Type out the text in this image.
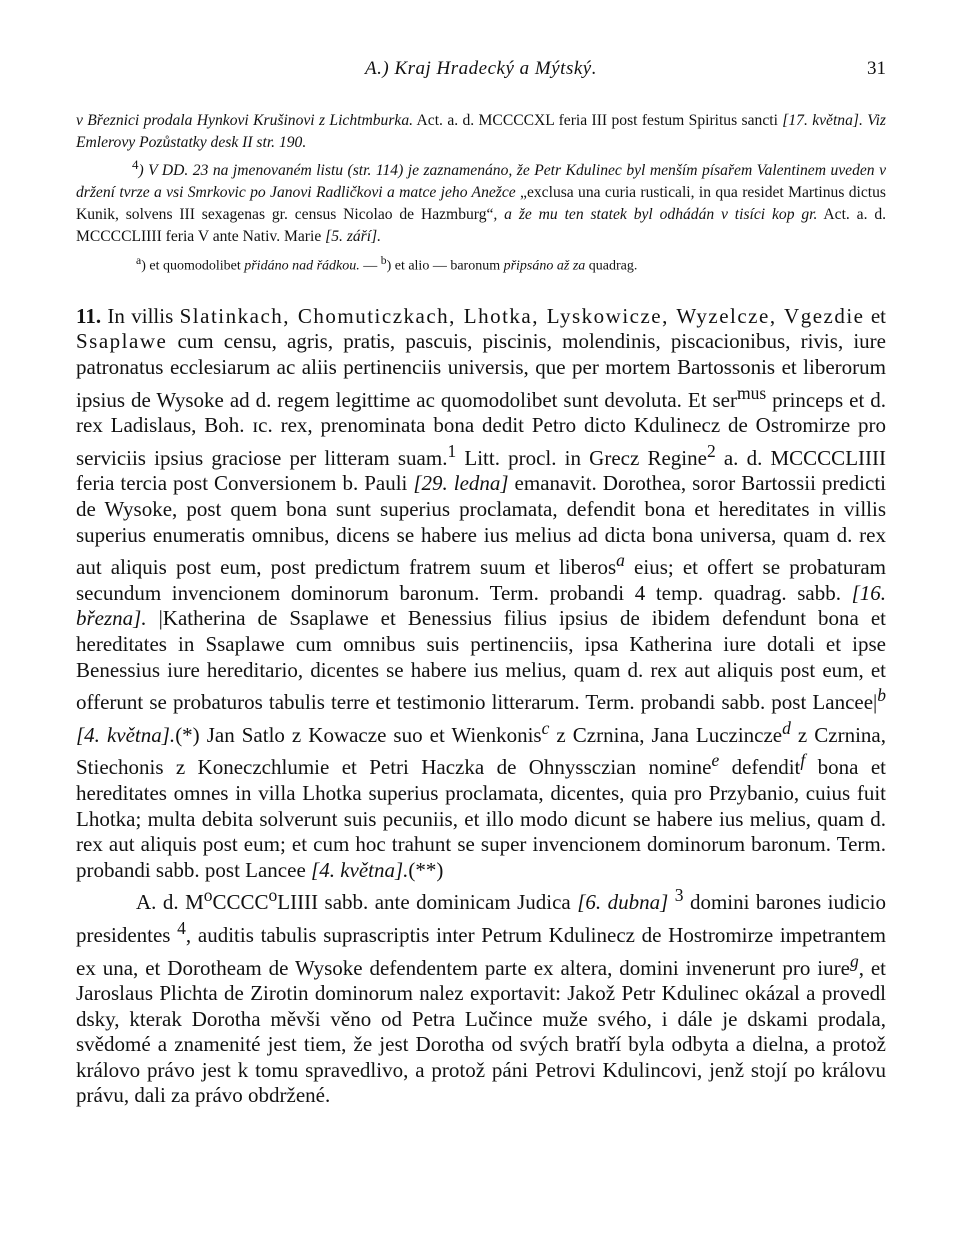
A.) Kraj Hradecký a Mýtský.	31

v Březnici prodala Hynkovi Krušinovi z Lichtmburka. Act. a. d. MCCCCXL feria III post festum Spiritus sancti [17. května]. Viz Emlerovy Pozůstatky desk II str. 190.

$^4$) V DD. 23 na jmenovaném listu (str. 114) je zaznamenáno, že Petr Kdulinec byl menším písařem Valentinem uveden v držení tvrze a vsi Smrkovic po Janovi Radličkovi a matce jeho Anežce „exclusa una curia rusticali, in qua residet Martinus dictus Kunik, solvens III sexagenas gr. census Nicolao de Hazmburg“, a že mu ten statek byl odhádán v tisíci kop gr. Act. a. d. MCCCCLIIII feria V ante Nativ. Marie [5. září].

$^a$) et quomodolibet přidáno nad řádkou. — $^b$) et alio — baronum připsáno až za quadrag.

11. In villis Slatinkach, Chomuticzkach, Lhotka, Lyskowicze, Wyzelcze, Vgezdie et Ssaplawe cum censu, agris, pratis, pascuis, piscinis, molendinis, piscacionibus, rivis, iure patronatus ecclesiarum ac aliis pertinenciis universis, que per mortem Bartossonis et liberorum ipsius de Wysoke ad d. regem legittime ac quomodolibet sunt devoluta. Et ser$^{mus}$ princeps et d. rex Ladislaus, Boh. ɪc. rex, prenominata bona dedit Petro dicto Kdulinecz de Ostromirze pro serviciis ipsius graciose per litteram suam.$^1$ Litt. procl. in Grecz Regine$^2$ a. d. MCCCCLIIII feria tercia post Conversionem b. Pauli [29. ledna] emanavit. Dorothea, soror Bartossii predicti de Wysoke, post quem bona sunt superius proclamata, defendit bona et hereditates in villis superius enumeratis omnibus, dicens se habere ius melius ad dicta bona universa, quam d. rex aut aliquis post eum, post predictum fratrem suum et liberos$^a$ eius; et offert se probaturam secundum invencionem dominorum baronum. Term. probandi 4 temp. quadrag. sabb. [16. března]. |Katherina de Ssaplawe et Benessius filius ipsius de ibidem defendunt bona et hereditates in Ssaplawe cum omnibus suis pertinenciis, ipsa Katherina iure dotali et ipse Benessius iure hereditario, dicentes se habere ius melius, quam d. rex aut aliquis post eum, et offerunt se probaturos tabulis terre et testimonio litterarum. Term. probandi sabb. post $Lancee|^b$ [4. května].(*) Jan Satlo z Kowacze suo et Wienkonis$^c$ z Czrnina, Jana Luczincze$^d$ z Czrnina, Stiechonis z Koneczchlumie et Petri Haczka de Ohnyssczian nomine$^e$ defendit$^f$ bona et hereditates omnes in villa Lhotka superius proclamata, dicentes, quia pro Przybanio, cuius fuit Lhotka; multa debita solverunt suis pecuniis, et illo modo dicunt se habere ius melius, quam d. rex aut aliquis post eum; et cum hoc trahunt se super invencionem dominorum baronum. Term. probandi sabb. post Lancee [4. května].(**)

A. d. $M^oCCCC^oLIIII$ sabb. ante dominicam Judica [6. dubna] $^3$ domini barones iudicio presidentes $^4$, auditis tabulis suprascriptis inter Petrum Kdulinecz de Hostromirze impetrantem ex una, et Dorotheam de Wysoke defendentem parte ex altera, domini invenerunt pro iure$^g$, et Jaroslaus Plichta de Zirotin dominorum nalez exportavit: Jakož Petr Kdulinec okázal a provedl dsky, kterak Dorotha měvši věno od Petra Lučince muže svého, i dále je dskami prodala, svědomé a znamenité jest tiem, že jest Dorotha od svých bratří byla odbyta a dielna, a protož královo právo jest k tomu spravedlivo, a protož páni Petrovi Kdulincovi, jenž stojí po královu právu, dali za právo obdržené.
